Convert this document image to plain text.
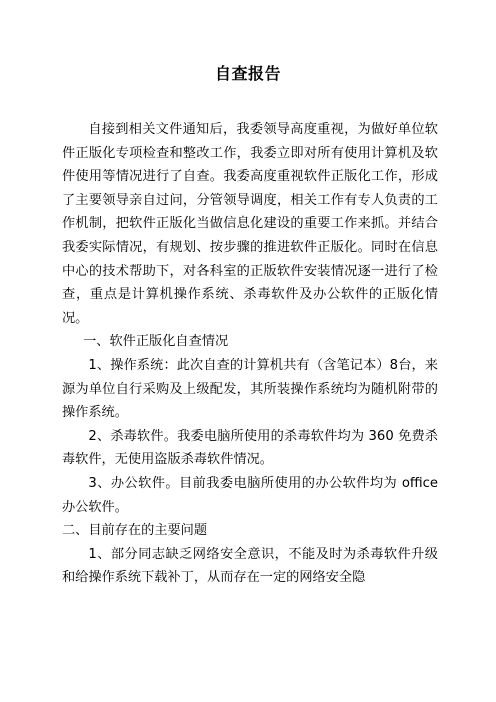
自查报告

自接到相关文件通知后，我委领导高度重视，为做好单位软件正版化专项检查和整改工作，我委立即对所有使用计算机及软件使用等情况进行了自查。我委高度重视软件正版化工作，形成了主要领导亲自过问，分管领导调度，相关工作有专人负责的工作机制，把软件正版化当做信息化建设的重要工作来抓。并结合我委实际情况，有规划、按步骤的推进软件正版化。同时在信息中心的技术帮助下，对各科室的正版软件安装情况逐一进行了检查，重点是计算机操作系统、杀毒软件及办公软件的正版化情况。

一、软件正版化自查情况

1、操作系统：此次自查的计算机共有（含笔记本）8台，来源为单位自行采购及上级配发，其所装操作系统均为随机附带的操作系统。

2、杀毒软件。我委电脑所使用的杀毒软件均为 360 免费杀毒软件，无使用盗版杀毒软件情况。

3、办公软件。目前我委电脑所使用的办公软件均为 office 办公软件。

二、目前存在的主要问题

1、部分同志缺乏网络安全意识，不能及时为杀毒软件升级和给操作系统下载补丁，从而存在一定的网络安全隐
